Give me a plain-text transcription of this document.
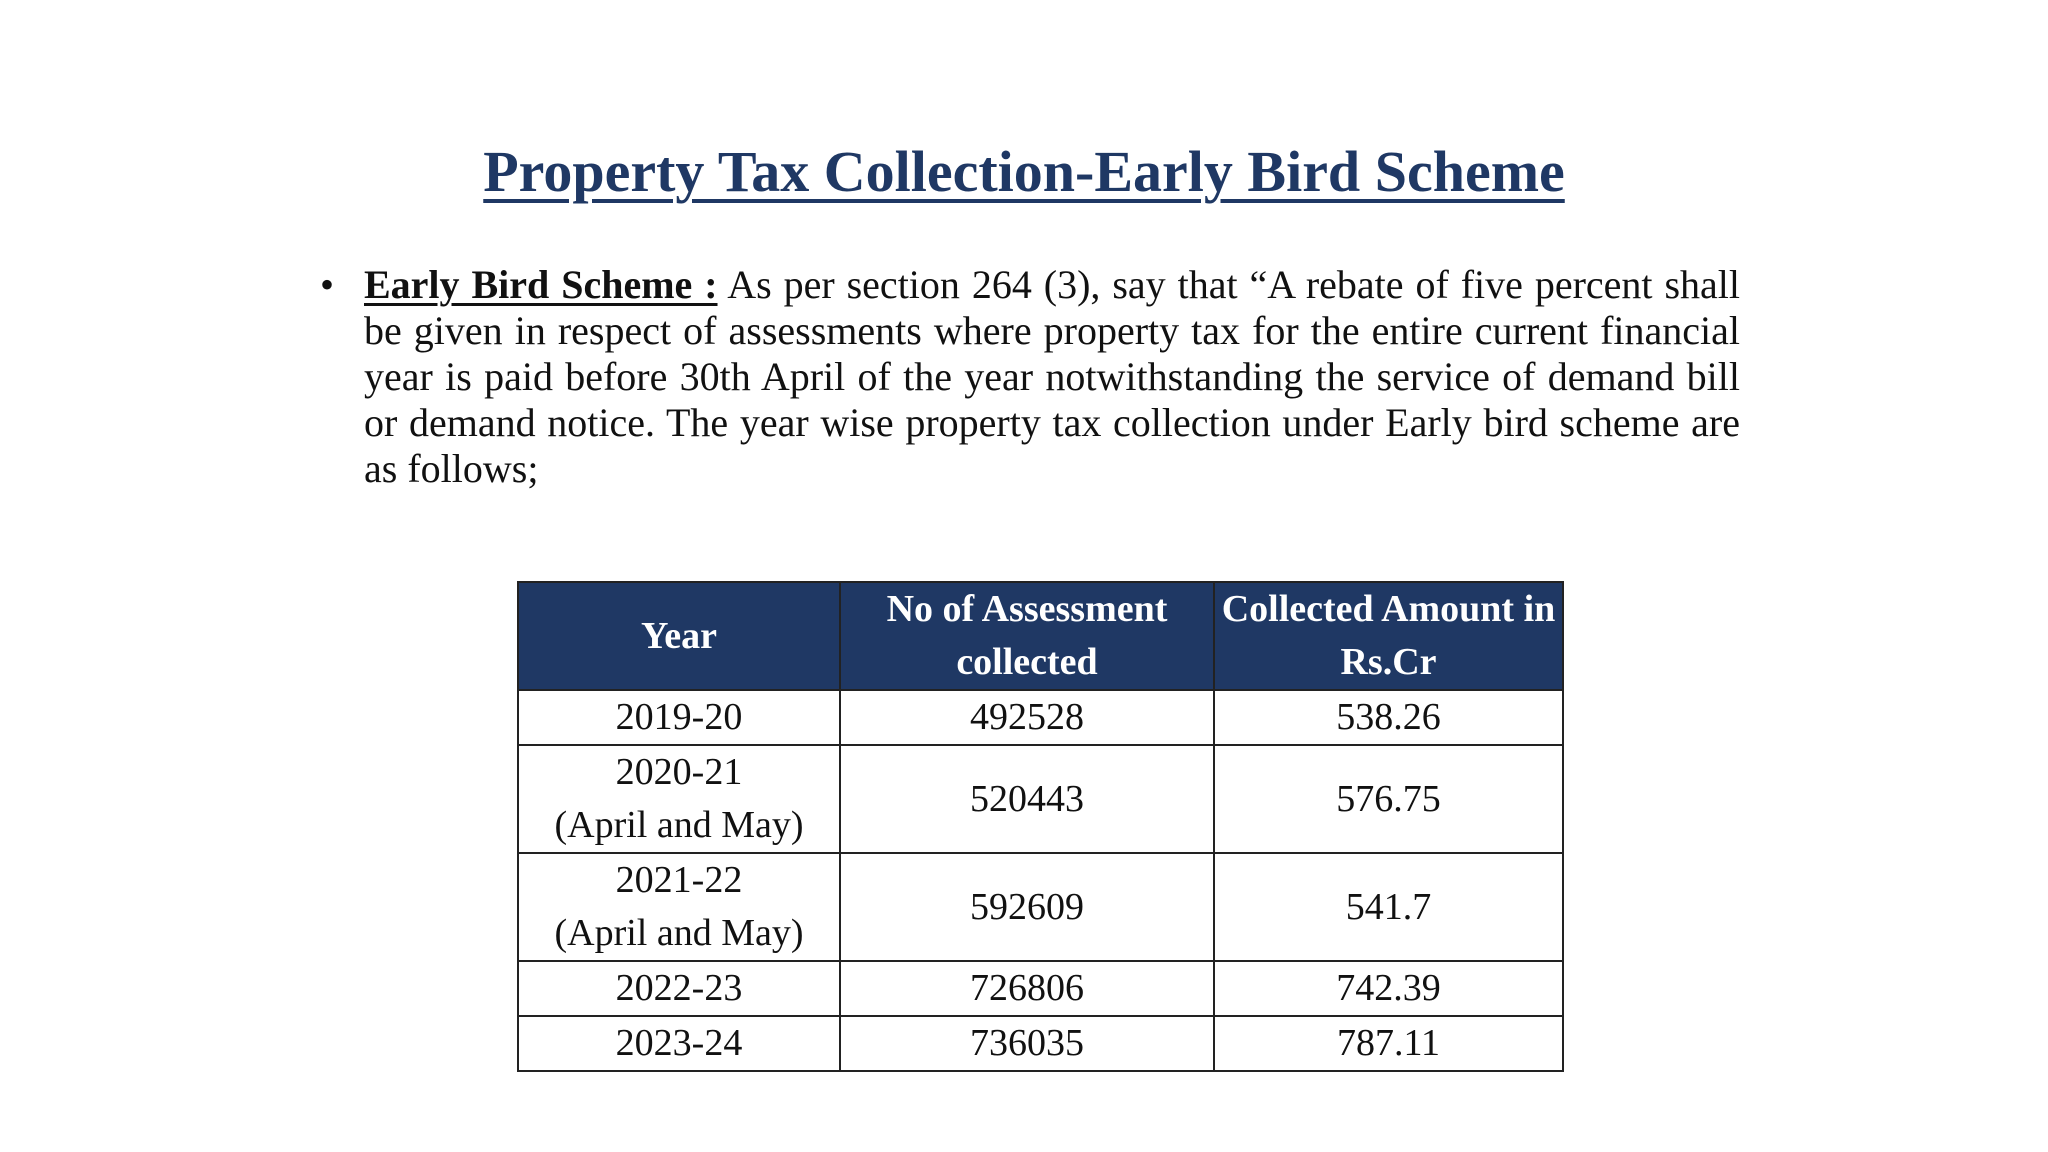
Property Tax Collection-Early Bird Scheme
• Early Bird Scheme : As per section 264 (3), say that “A rebate of five percent shall be given in respect of assessments where property tax for the entire current financial year is paid before 30th April of the year notwithstanding the service of demand bill or demand notice. The year wise property tax collection under Early bird scheme are as follows;

Year	No of Assessment collected	Collected Amount in Rs.Cr

2019-20	492528	538.26

2020-21
(April and May)	520443	576.75

2021-22
(April and May)	592609	541.7

2022-23	726806	742.39

2023-24	736035	787.11
